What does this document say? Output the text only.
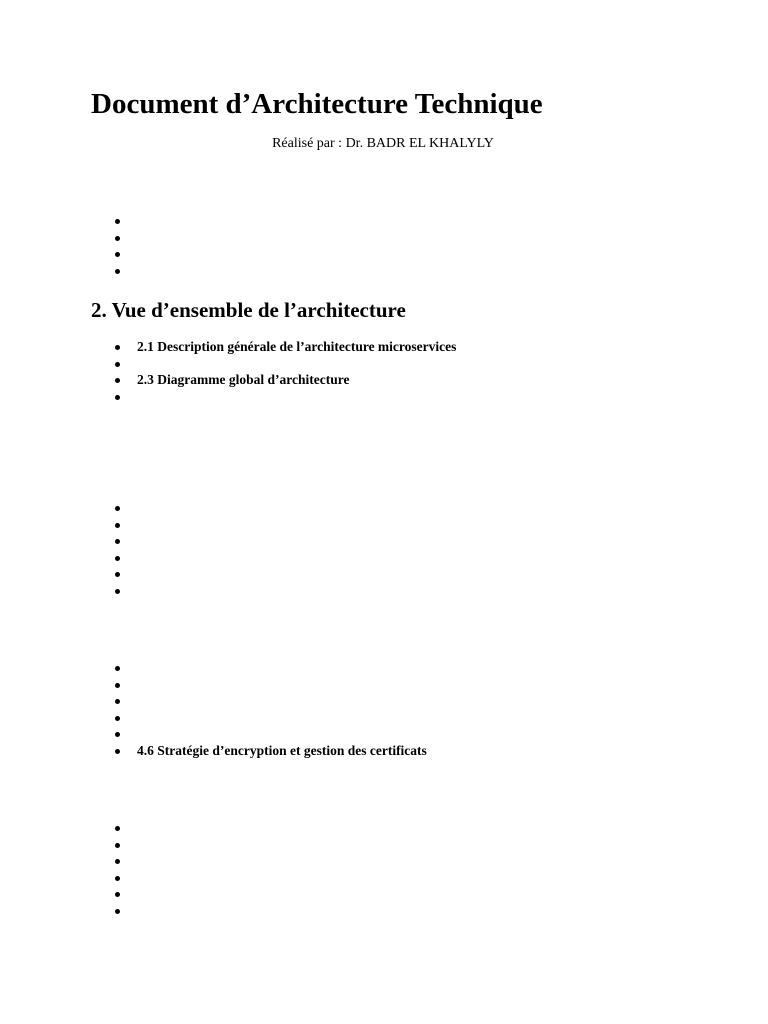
Document d’Architecture Technique

Réalisé par : Dr. BADR EL KHALYLY

2. Vue d’ensemble de l’architecture
2.1 Description générale de l’architecture microservices
2.3 Diagramme global d’architecture
4.6 Stratégie d’encryption et gestion des certificats
